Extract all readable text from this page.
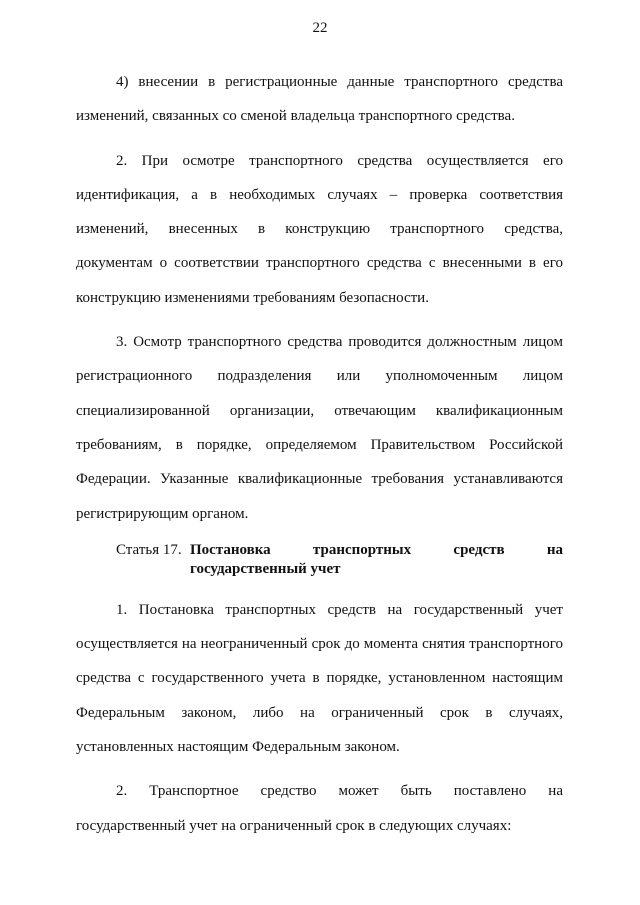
22

4) внесении в регистрационные данные транспортного средства
изменений, связанных со сменой владельца транспортного средства.

2. При осмотре транспортного средства осуществляется его
идентификация, а в необходимых случаях – проверка соответствия
изменений, внесенных в конструкцию транспортного средства,
документам о соответствии транспортного средства с внесенными в его
конструкцию изменениями требованиям безопасности.

3. Осмотр транспортного средства проводится должностным лицом
регистрационного подразделения или уполномоченным лицом
специализированной организации, отвечающим квалификационным
требованиям, в порядке, определяемом Правительством Российской
Федерации. Указанные квалификационные требования устанавливаются
регистрирующим органом.

Статья 17. Постановка транспортных средств на
государственный учет

1. Постановка транспортных средств на государственный учет
осуществляется на неограниченный срок до момента снятия транспортного
средства с государственного учета в порядке, установленном настоящим
Федеральным законом, либо на ограниченный срок в случаях,
установленных настоящим Федеральным законом.

2. Транспортное средство может быть поставлено на
государственный учет на ограниченный срок в следующих случаях:
